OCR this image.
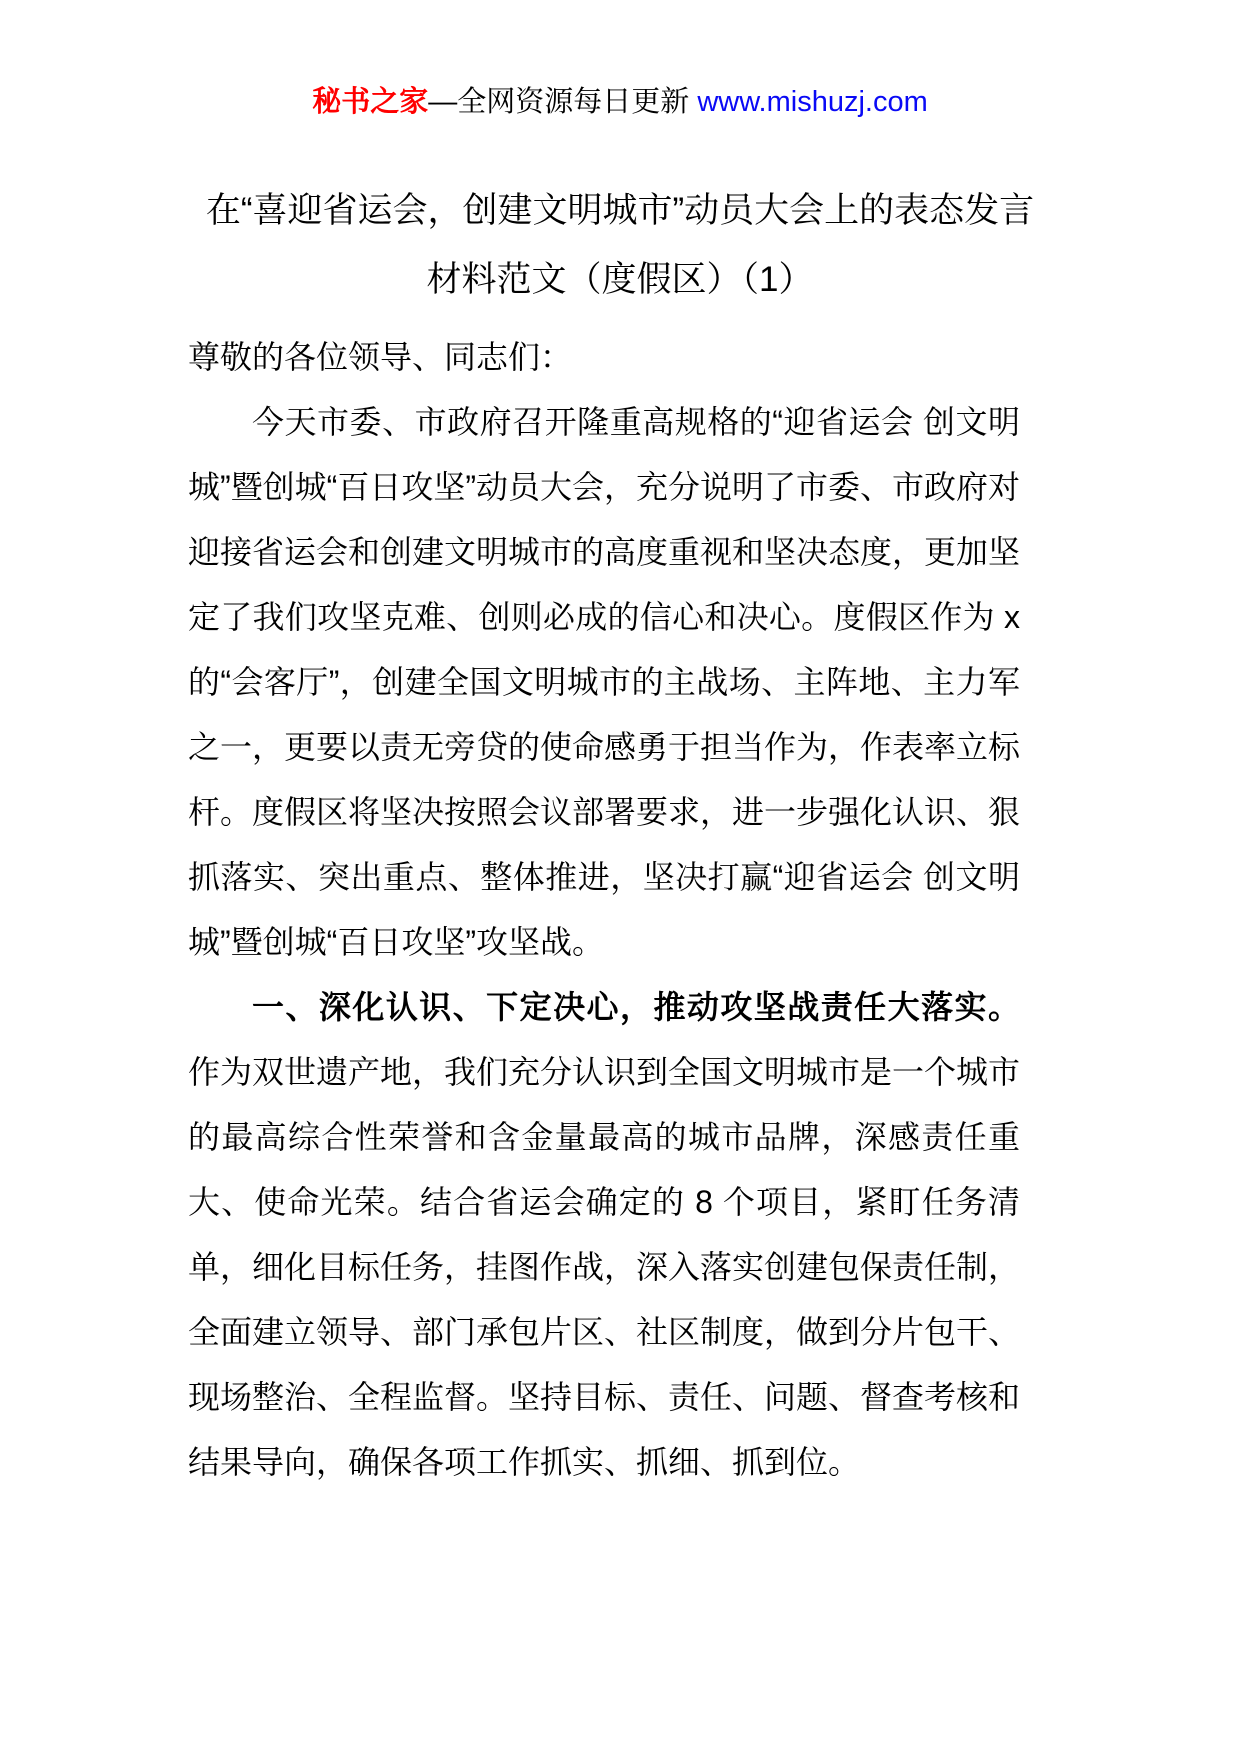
秘书之家—全网资源每日更新 www.mishuzj.com
在“喜迎省运会，创建文明城市”动员大会上的表态发言
材料范文（度假区）（1）

尊敬的各位领导、同志们：

今天市委、市政府召开隆重高规格的“迎省运会 创文明城”暨创城“百日攻坚”动员大会，充分说明了市委、市政府对迎接省运会和创建文明城市的高度重视和坚决态度，更加坚定了我们攻坚克难、创则必成的信心和决心。度假区作为 x 的“会客厅”，创建全国文明城市的主战场、主阵地、主力军之一，更要以责无旁贷的使命感勇于担当作为，作表率立标杆。度假区将坚决按照会议部署要求，进一步强化认识、狠抓落实、突出重点、整体推进，坚决打赢“迎省运会 创文明城”暨创城“百日攻坚”攻坚战。

一、深化认识、下定决心，推动攻坚战责任大落实。作为双世遗产地，我们充分认识到全国文明城市是一个城市的最高综合性荣誉和含金量最高的城市品牌，深感责任重大、使命光荣。结合省运会确定的 8 个项目，紧盯任务清单，细化目标任务，挂图作战，深入落实创建包保责任制，全面建立领导、部门承包片区、社区制度，做到分片包干、现场整治、全程监督。坚持目标、责任、问题、督查考核和结果导向，确保各项工作抓实、抓细、抓到位。
